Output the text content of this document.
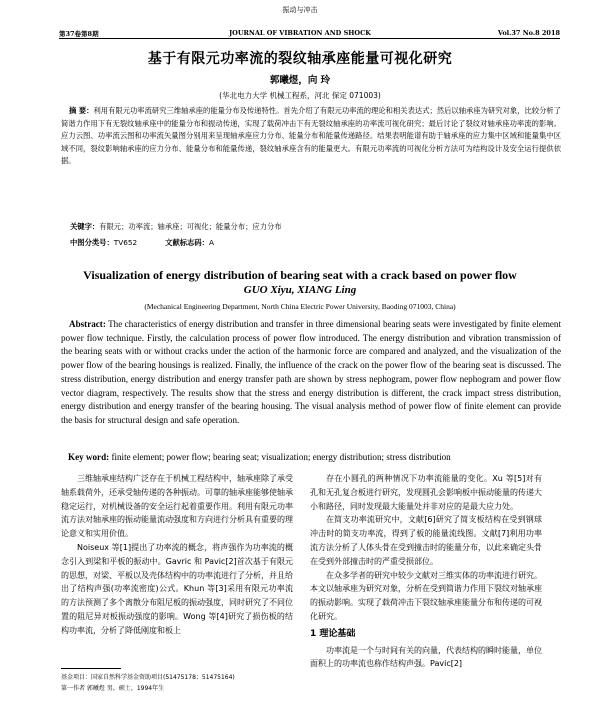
振动与冲击
第37卷第8期	JOURNAL OF VIBRATION AND SHOCK	Vol.37 No.8 2018
基于有限元功率流的裂纹轴承座能量可视化研究
郭曦煜，向 玲
(华北电力大学 机械工程系，河北 保定 071003)
摘 要：利用有限元功率流研究三维轴承座的能量分布及传递特性。首先介绍了有限元功率流的理论和相关表达式；然后以轴承座为研究对象，比较分析了简谐力作用下有无裂纹轴承座中的能量分布和振动传递，实现了载荷冲击下有无裂纹轴承座的功率流可视化研究；最后讨论了裂纹对轴承座功率流的影响。应力云图、功率流云图和功率流矢量图分别用来呈现轴承座应力分布、能量分布和能量传递路径。结果表明能谱有助于轴承座的应力集中区域和能量集中区域不同，裂纹影响轴承座的应力分布、能量分布和能量传递，裂纹轴承座含有的能量更大。有限元功率流的可视化分析方法可为结构设计及安全运行提供依据。
关键字：有限元；功率流；轴承座；可视化；能量分布；应力分布
中图分类号：TV652	文献标志码：A
Visualization of energy distribution of bearing seat with a crack based on power flow
GUO Xiyu, XIANG Ling
(Mechanical Engineering Department, North China Electric Power University, Baoding 071003, China)
Abstract: The characteristics of energy distribution and transfer in three dimensional bearing seats were investigated by finite element power flow technique. Firstly, the calculation process of power flow introduced. The energy distribution and vibration transmission of the bearing seats with or without cracks under the action of the harmonic force are compared and analyzed, and the visualization of the power flow of the bearing housings is realized. Finally, the influence of the crack on the power flow of the bearing seat is discussed. The stress distribution, energy distribution and energy transfer path are shown by stress nephogram, power flow nephogram and power flow vector diagram, respectively. The results show that the stress and energy distribution is different, the crack impact stress distribution, energy distribution and energy transfer of the bearing housing. The visual analysis method of power flow of finite element can provide the basis for structural design and safe operation.
Key word: finite element; power flow; bearing seat; visualization; energy distribution; stress distribution

三维轴承座结构广泛存在于机械工程结构中，轴承座除了承受轴系载荷外，还承受轴传递的各种振动。可靠的轴承座能够使轴承稳定运行，对机械设备的安全运行起着重要作用。利用有限元功率流方法对轴承座的振动能量流动强度和方向进行分析具有重要的理论意义和实用价值。

Noiseux 等[1]提出了功率流的概念，将声强作为功率流的概念引入到梁和平板的振动中。Gavric 和 Pavic[2]首次基于有限元的思想，对梁、平板以及壳体结构中的功率流进行了分析，并且给出了结构声强(功率流密度)公式。Khun 等[3]采用有限元功率流的方法预测了多个离散分布阻尼板的振动强度，同时研究了不同位置的阻尼异对板振动强度的影响。Wong 等[4]研究了损伤板的结构功率流，分析了降低刚度和板上

存在小圆孔的两种情况下功率流能量的变化。Xu 等[5]对有孔和无孔复合板进行研究，发现圆孔会影响板中振动能量的传递大小和路径，同时发现最大能量处并非对应的是最大应力处。

在简支功率流研究中，文献[6]研究了简支板结构在受到钢球冲击时的简支功率流，得到了板的能量流线图。文献[7]利用功率流方法分析了人体头骨在受到撞击时的能量分布，以此来确定头骨在受到外部撞击时的严重受损部位。

在众多学者的研究中较少文献对三维实体的功率流进行研究。本文以轴承座为研究对象，分析在受到简谐力作用下裂纹对轴承座的振动影响。实现了载荷冲击下裂纹轴承座能量分布和传递的可视化研究。

1 理论基础

功率流是一个与时间有关的向量，代表结构的瞬时能量，单位面积上的功率流也称作结构声强。Pavic[2]

基金项目：国家自然科学基金资助项目(51475178；51475164)
第一作者 郭曦煜 男，硕士，1994年生
